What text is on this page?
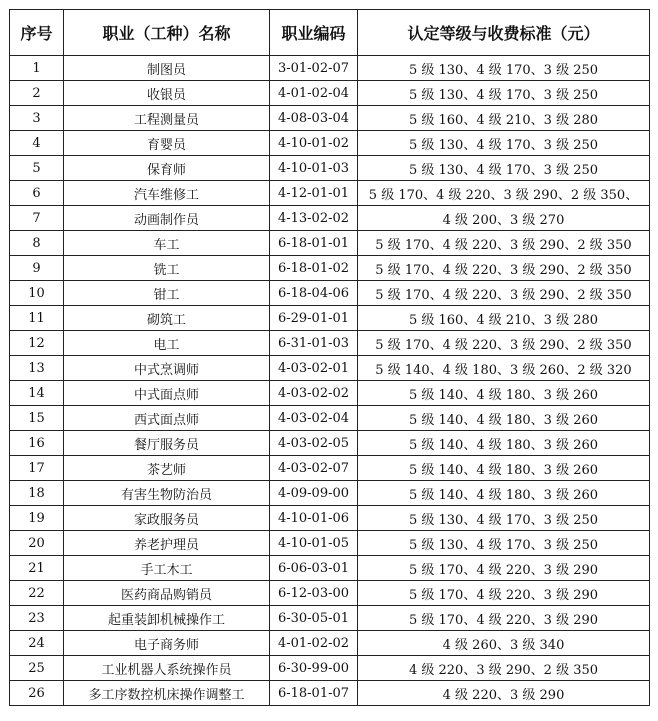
序号	职业（工种）名称	职业编码	认定等级与收费标准（元）
1	制图员	3-01-02-07	5 级 130、4 级 170、3 级 250
2	收银员	4-01-02-04	5 级 130、4 级 170、3 级 250
3	工程测量员	4-08-03-04	5 级 160、4 级 210、3 级 280
4	育婴员	4-10-01-02	5 级 130、4 级 170、3 级 250
5	保育师	4-10-01-03	5 级 130、4 级 170、3 级 250
6	汽车维修工	4-12-01-01	5 级 170、4 级 220、3 级 290、2 级 350、
7	动画制作员	4-13-02-02	4 级 200、3 级 270
8	车工	6-18-01-01	5 级 170、4 级 220、3 级 290、2 级 350
9	铣工	6-18-01-02	5 级 170、4 级 220、3 级 290、2 级 350
10	钳工	6-18-04-06	5 级 170、4 级 220、3 级 290、2 级 350
11	砌筑工	6-29-01-01	5 级 160、4 级 210、3 级 280
12	电工	6-31-01-03	5 级 170、4 级 220、3 级 290、2 级 350
13	中式烹调师	4-03-02-01	5 级 140、4 级 180、3 级 260、2 级 320
14	中式面点师	4-03-02-02	5 级 140、4 级 180、3 级 260
15	西式面点师	4-03-02-04	5 级 140、4 级 180、3 级 260
16	餐厅服务员	4-03-02-05	5 级 140、4 级 180、3 级 260
17	茶艺师	4-03-02-07	5 级 140、4 级 180、3 级 260
18	有害生物防治员	4-09-09-00	5 级 140、4 级 180、3 级 260
19	家政服务员	4-10-01-06	5 级 130、4 级 170、3 级 250
20	养老护理员	4-10-01-05	5 级 130、4 级 170、3 级 250
21	手工木工	6-06-03-01	5 级 170、4 级 220、3 级 290
22	医药商品购销员	6-12-03-00	5 级 170、4 级 220、3 级 290
23	起重装卸机械操作工	6-30-05-01	5 级 170、4 级 220、3 级 290
24	电子商务师	4-01-02-02	4 级 260、3 级 340
25	工业机器人系统操作员	6-30-99-00	4 级 220、3 级 290、2 级 350
26	多工序数控机床操作调整工	6-18-01-07	4 级 220、3 级 290
